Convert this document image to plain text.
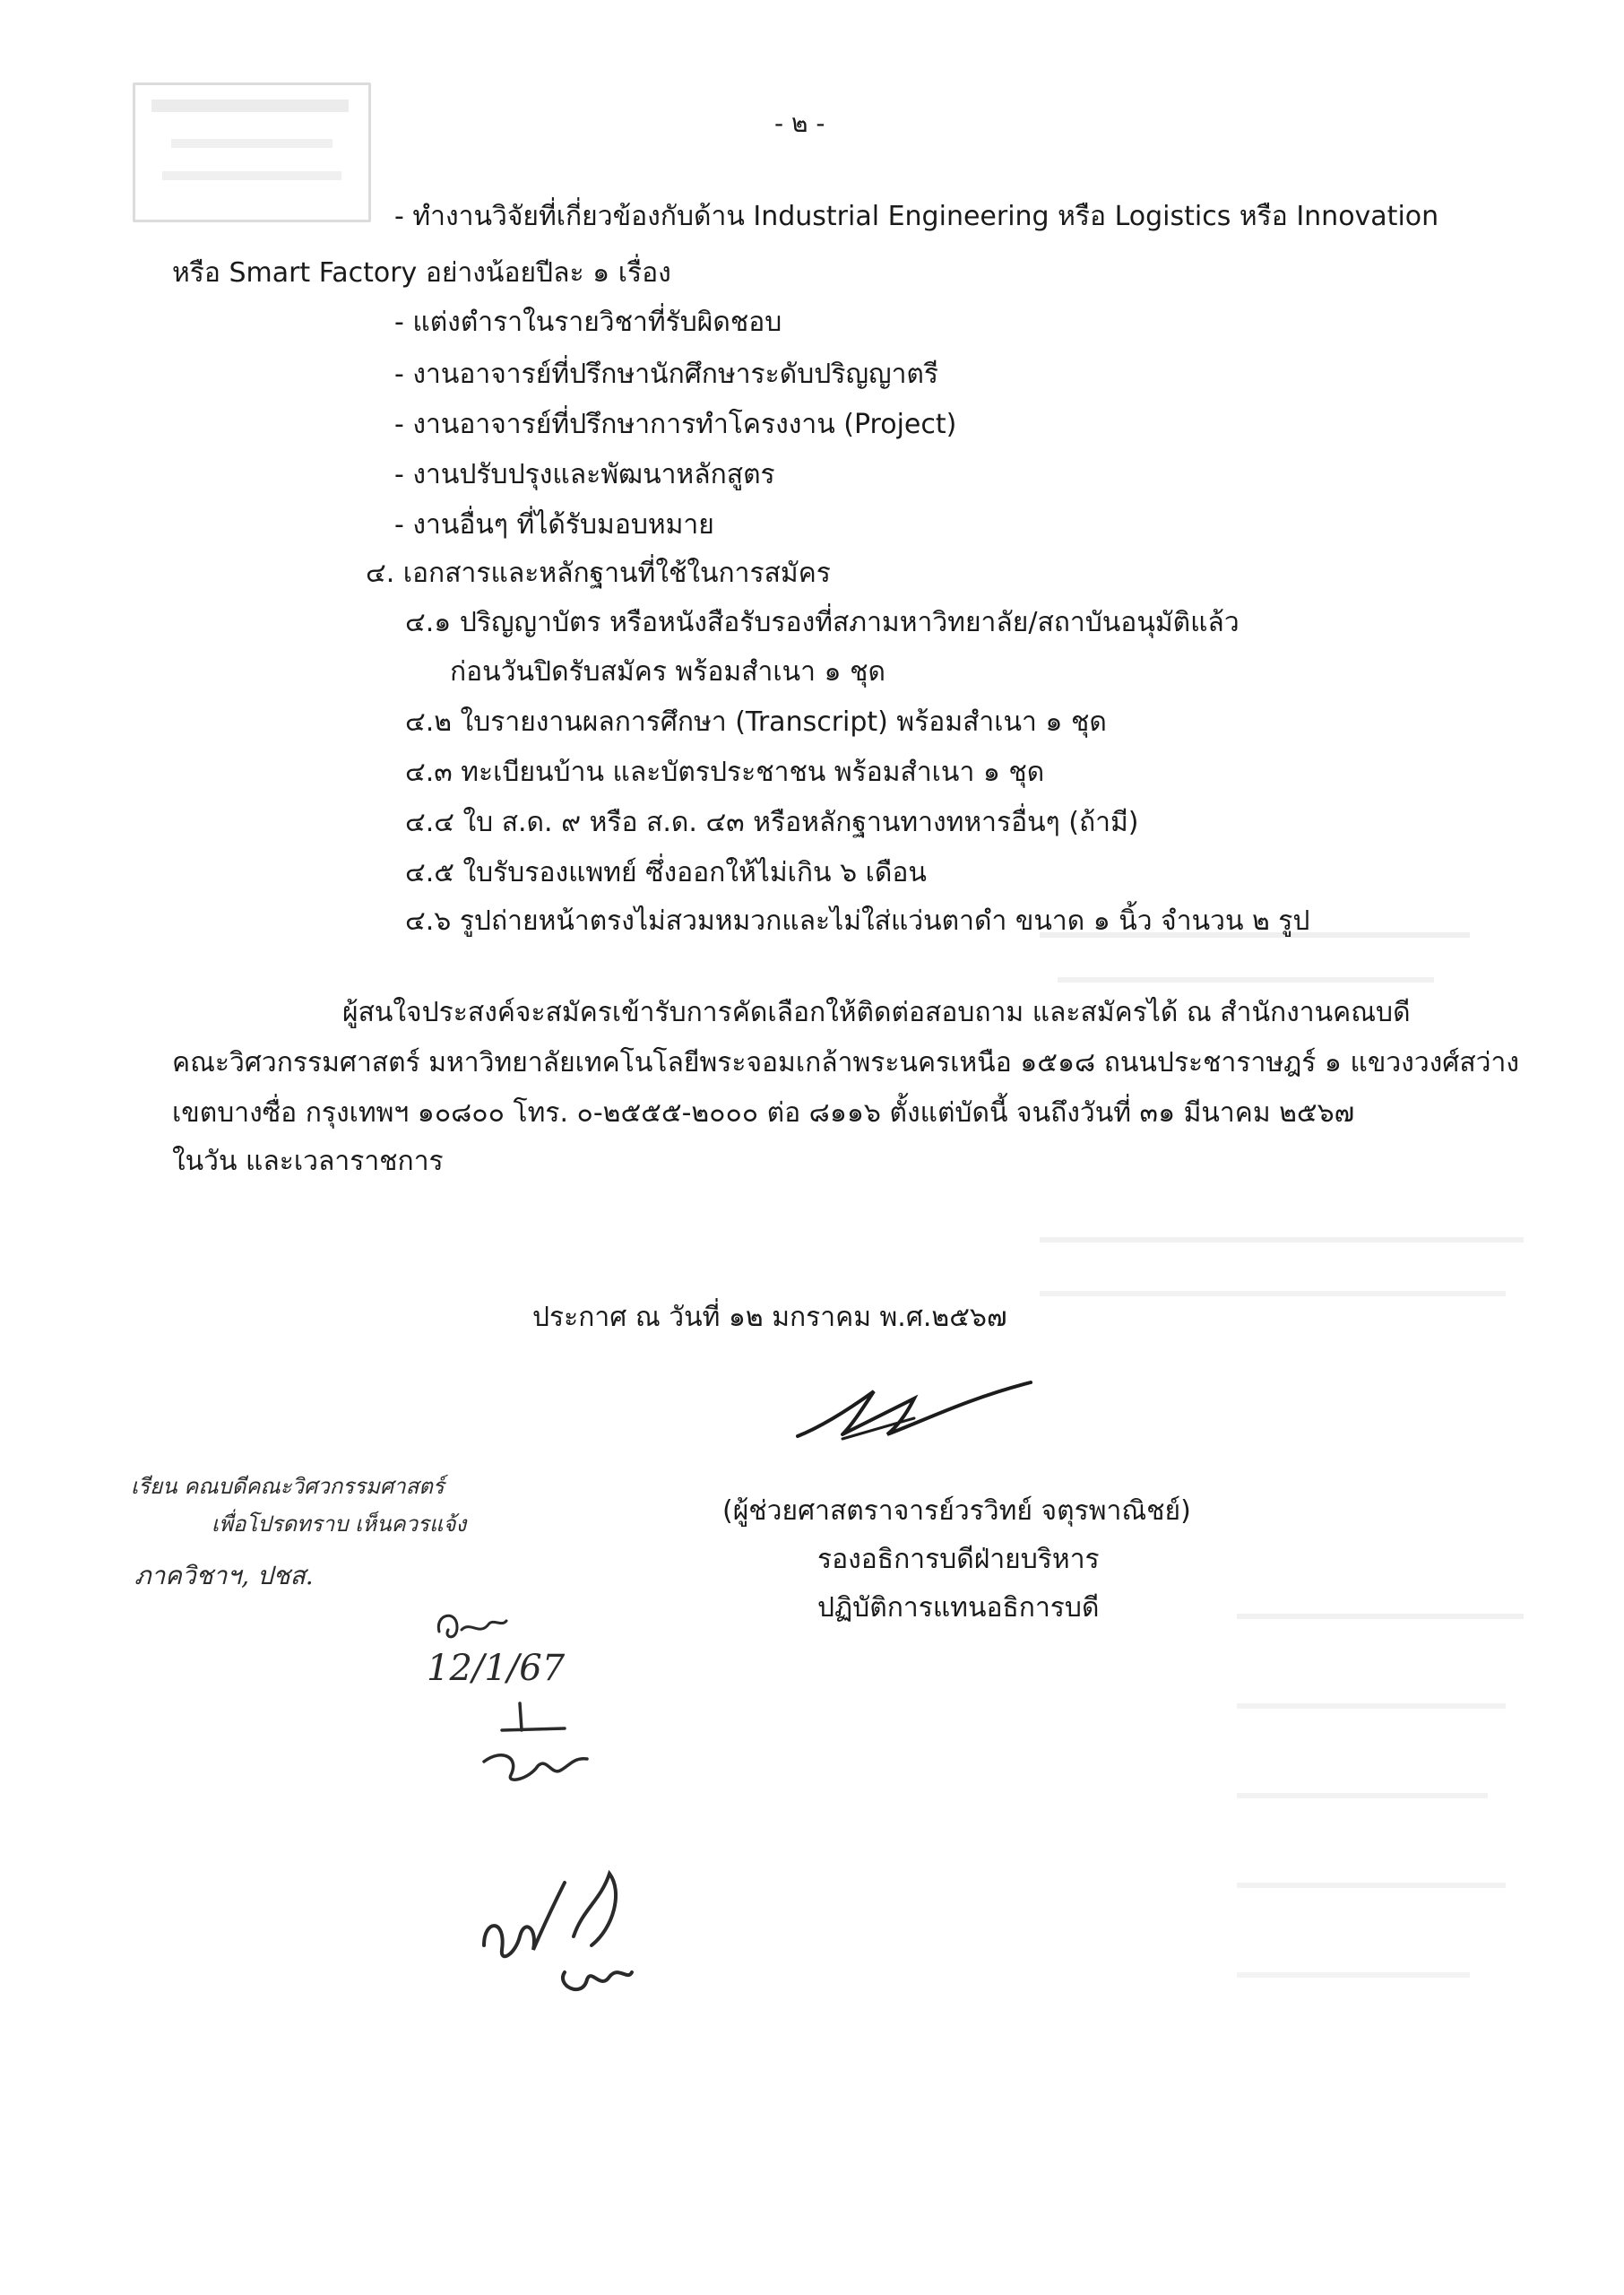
- ๒ -
- ทำงานวิจัยที่เกี่ยวข้องกับด้าน Industrial Engineering หรือ Logistics หรือ Innovation
หรือ Smart Factory อย่างน้อยปีละ ๑ เรื่อง
- แต่งตำราในรายวิชาที่รับผิดชอบ
- งานอาจารย์ที่ปรึกษานักศึกษาระดับปริญญาตรี
- งานอาจารย์ที่ปรึกษาการทำโครงงาน (Project)
- งานปรับปรุงและพัฒนาหลักสูตร
- งานอื่นๆ ที่ได้รับมอบหมาย
๔. เอกสารและหลักฐานที่ใช้ในการสมัคร
๔.๑ ปริญญาบัตร หรือหนังสือรับรองที่สภามหาวิทยาลัย/สถาบันอนุมัติแล้ว
ก่อนวันปิดรับสมัคร พร้อมสำเนา ๑ ชุด
๔.๒ ใบรายงานผลการศึกษา (Transcript) พร้อมสำเนา ๑ ชุด
๔.๓ ทะเบียนบ้าน และบัตรประชาชน พร้อมสำเนา ๑ ชุด
๔.๔ ใบ ส.ด. ๙ หรือ ส.ด. ๔๓ หรือหลักฐานทางทหารอื่นๆ (ถ้ามี)
๔.๕ ใบรับรองแพทย์ ซึ่งออกให้ไม่เกิน ๖ เดือน
๔.๖ รูปถ่ายหน้าตรงไม่สวมหมวกและไม่ใส่แว่นตาดำ ขนาด ๑ นิ้ว จำนวน ๒ รูป
ผู้สนใจประสงค์จะสมัครเข้ารับการคัดเลือกให้ติดต่อสอบถาม และสมัครได้ ณ สำนักงานคณบดี
คณะวิศวกรรมศาสตร์ มหาวิทยาลัยเทคโนโลยีพระจอมเกล้าพระนครเหนือ ๑๕๑๘ ถนนประชาราษฎร์ ๑ แขวงวงศ์สว่าง
เขตบางซื่อ กรุงเทพฯ ๑๐๘๐๐ โทร. ๐-๒๕๕๕-๒๐๐๐ ต่อ ๘๑๑๖ ตั้งแต่บัดนี้ จนถึงวันที่ ๓๑ มีนาคม ๒๕๖๗
ในวัน และเวลาราชการ
ประกาศ ณ วันที่ ๑๒ มกราคม พ.ศ.๒๕๖๗
(ผู้ช่วยศาสตราจารย์วรวิทย์ จตุรพาณิชย์)
รองอธิการบดีฝ่ายบริหาร
ปฏิบัติการแทนอธิการบดี
เรียน คณบดีคณะวิศวกรรมศาสตร์
เพื่อโปรดทราบ เห็นควรแจ้ง
ภาควิชาฯ, ปชส.
12/1/67
